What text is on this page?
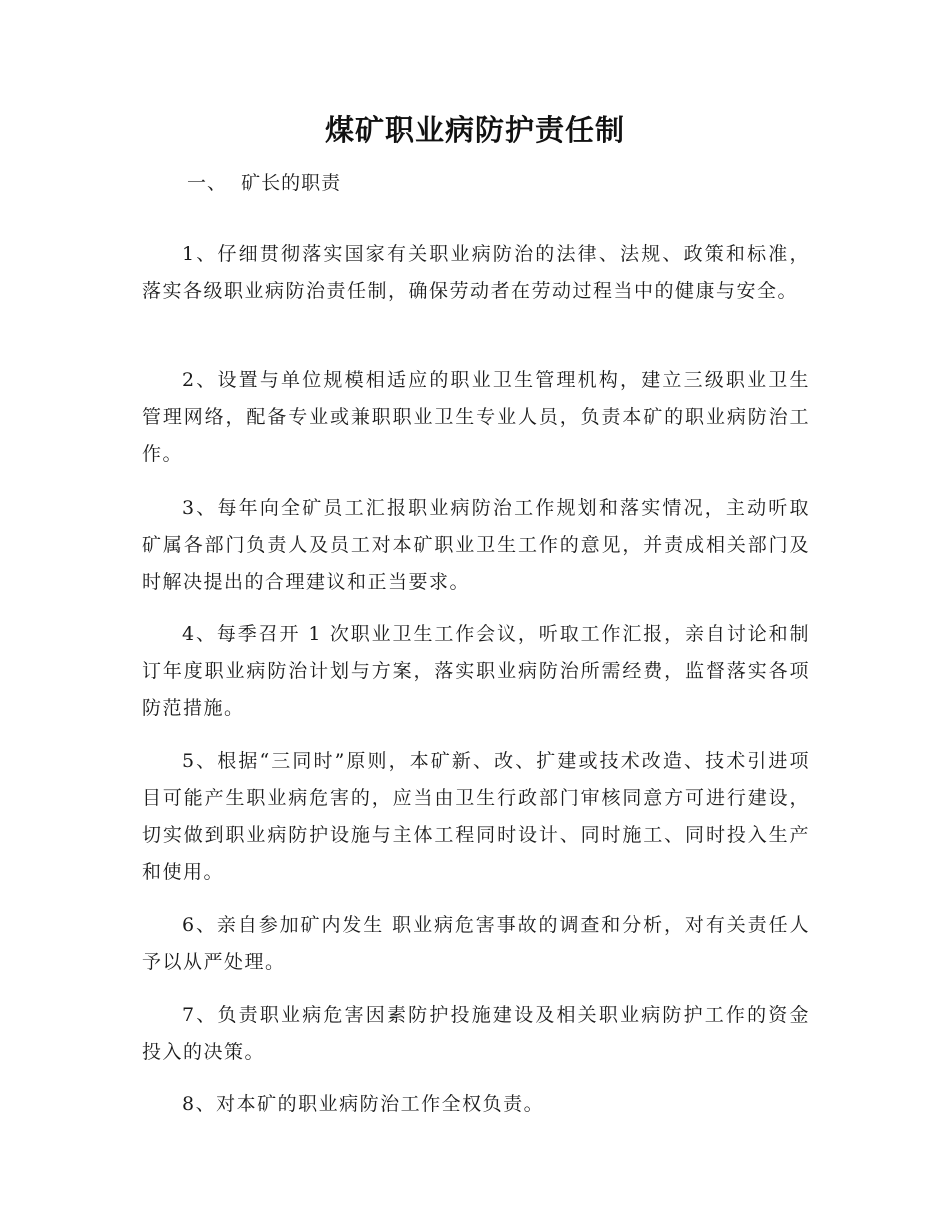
煤矿职业病防护责任制
一、  矿长的职责

1、仔细贯彻落实国家有关职业病防治的法律、法规、政策和标准，落实各级职业病防治责任制，确保劳动者在劳动过程当中的健康与安全。

2、设置与单位规模相适应的职业卫生管理机构，建立三级职业卫生管理网络，配备专业或兼职职业卫生专业人员，负责本矿的职业病防治工作。

3、每年向全矿员工汇报职业病防治工作规划和落实情况，主动听取矿属各部门负责人及员工对本矿职业卫生工作的意见，并责成相关部门及时解决提出的合理建议和正当要求。

4、每季召开 1 次职业卫生工作会议，听取工作汇报，亲自讨论和制订年度职业病防治计划与方案，落实职业病防治所需经费，监督落实各项防范措施。

5、根据“三同时”原则，本矿新、改、扩建或技术改造、技术引进项目可能产生职业病危害的，应当由卫生行政部门审核同意方可进行建设，切实做到职业病防护设施与主体工程同时设计、同时施工、同时投入生产和使用。

6、亲自参加矿内发生 职业病危害事故的调查和分析，对有关责任人予以从严处理。

7、负责职业病危害因素防护投施建设及相关职业病防护工作的资金投入的决策。

8、对本矿的职业病防治工作全权负责。
